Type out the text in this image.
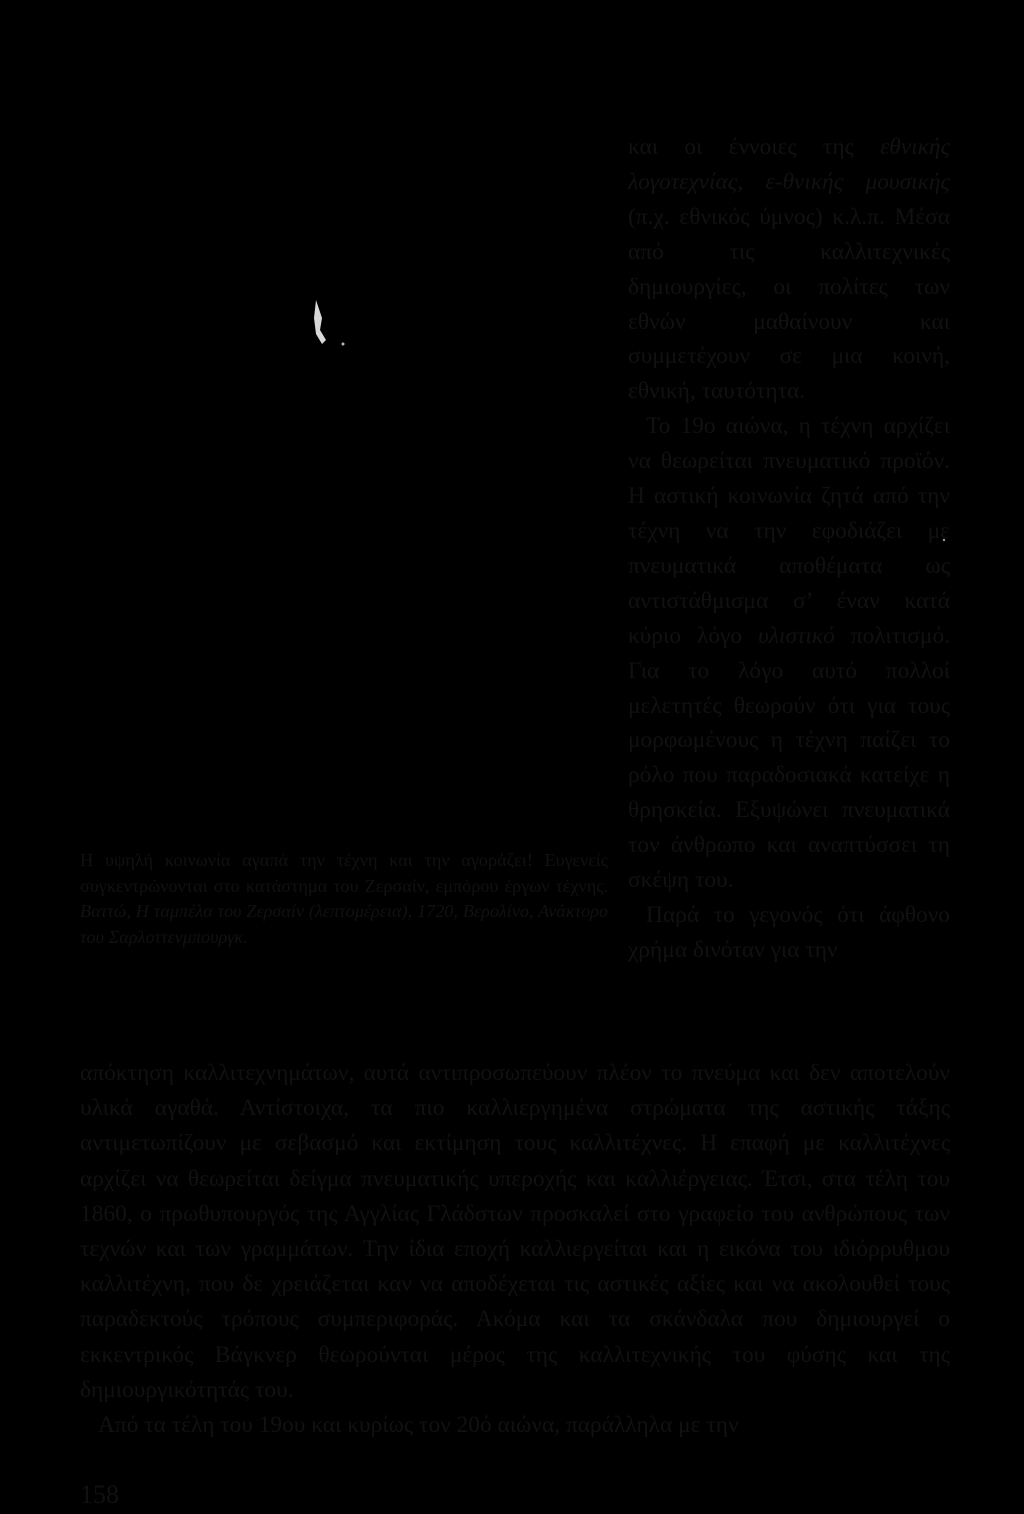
και οι έννοιες της εθνικής λογοτεχνίας, ε-θνικής μουσικής (π.χ. εθνικός ύμνος) κ.λ.π. Μέσα από τις καλλιτεχνικές δημιουργίες, οι πολίτες των εθνών μαθαίνουν και συμμετέχουν σε μια κοινή, εθνική, ταυτότητα.

Το 19ο αιώνα, η τέχνη αρχίζει να θεωρείται πνευματικό προϊόν. Η αστική κοινωνία ζητά από την τέχνη να την εφοδιάζει με πνευματικά αποθέματα ως αντιστάθμισμα σ’ έναν κατά κύριο λόγο υλιστικό πολιτισμό. Για το λόγο αυτό πολλοί μελετητές θεωρούν ότι για τους μορφωμένους η τέχνη παίζει το ρόλο που παραδοσιακά κατείχε η θρησκεία. Εξυψώνει πνευματικά τον άνθρωπο και αναπτύσσει τη σκέψη του.

Παρά το γεγονός ότι άφθονο χρήμα δινόταν για την

Η υψηλή κοινωνία αγαπά την τέχνη και την αγοράζει! Ευγενείς συγκεντρώνονται στο κατάστημα του Ζερσαίν, εμπόρου έργων τέχνης. Βαττώ, Η ταμπέλα του Ζερσαίν (λεπτομέρεια), 1720, Βερολίνο, Ανάκτορο του Σαρλοττενμπουργκ.

απόκτηση καλλιτεχνημάτων, αυτά αντιπροσωπεύουν πλέον το πνεύμα και δεν αποτελούν υλικά αγαθά. Αντίστοιχα, τα πιο καλλιεργημένα στρώματα της αστικής τάξης αντιμετωπίζουν με σεβασμό και εκτίμηση τους καλλιτέχνες. Η επαφή με καλλιτέχνες αρχίζει να θεωρείται δείγμα πνευματικής υπεροχής και καλλιέργειας. Έτσι, στα τέλη του 1860, ο πρωθυπουργός της Αγγλίας Γλάδστων προσκαλεί στο γραφείο του ανθρώπους των τεχνών και των γραμμάτων. Την ίδια εποχή καλλιεργείται και η εικόνα του ιδιόρρυθμου καλλιτέχνη, που δε χρειάζεται καν να αποδέχεται τις αστικές αξίες και να ακολουθεί τους παραδεκτούς τρόπους συμπεριφοράς. Ακόμα και τα σκάνδαλα που δημιουργεί ο εκκεντρικός Βάγκνερ θεωρούνται μέρος της καλλιτεχνικής του φύσης και της δημιουργικότητάς του.

Από τα τέλη του 19ου και κυρίως τον 20ό αιώνα, παράλληλα με την

158
